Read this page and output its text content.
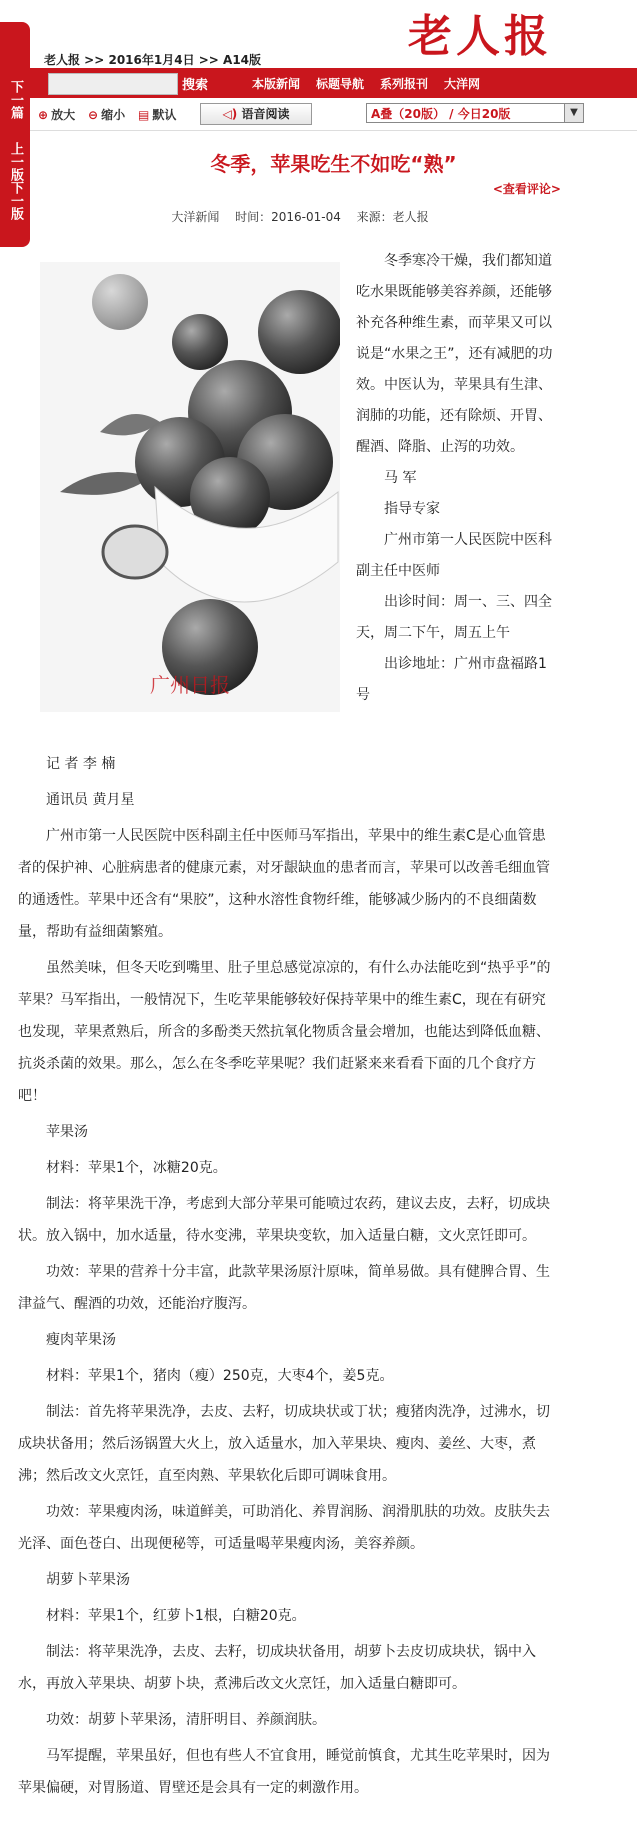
下一篇
上一版下一版
老人报
老人报 >> 2016年1月4日 >> A14版
搜索	本版新闻 标题导航 系列报刊 大洋网
⊕ 放大 ⊖ 缩小 ▤ 默认	◁) 语音阅读	A叠（20版） / 今日20版	▼
冬季，苹果吃生不如吃“熟”
<查看评论>
大洋新闻　 时间：2016-01-04 　来源：老人报
广州日报

冬季寒冷干燥，我们都知道吃水果既能够美容养颜，还能够补充各种维生素，而苹果又可以说是“水果之王”，还有减肥的功效。中医认为，苹果具有生津、润肺的功能，还有除烦、开胃、醒酒、降脂、止泻的功效。

马 军

指导专家

广州市第一人民医院中医科副主任中医师

出诊时间：周一、三、四全天，周二下午，周五上午

出诊地址：广州市盘福路1号

记 者 李 楠

通讯员 黄月星

广州市第一人民医院中医科副主任中医师马军指出，苹果中的维生素C是心血管患者的保护神、心脏病患者的健康元素，对牙龈缺血的患者而言，苹果可以改善毛细血管的通透性。苹果中还含有“果胶”，这种水溶性食物纤维，能够减少肠内的不良细菌数量，帮助有益细菌繁殖。

虽然美味，但冬天吃到嘴里、肚子里总感觉凉凉的，有什么办法能吃到“热乎乎”的苹果？马军指出，一般情况下，生吃苹果能够较好保持苹果中的维生素C，现在有研究也发现，苹果煮熟后，所含的多酚类天然抗氧化物质含量会增加，也能达到降低血糖、抗炎杀菌的效果。那么，怎么在冬季吃苹果呢？我们赶紧来来看看下面的几个食疗方吧！

苹果汤

材料：苹果1个，冰糖20克。

制法：将苹果洗干净，考虑到大部分苹果可能喷过农药，建议去皮，去籽，切成块状。放入锅中，加水适量，待水变沸，苹果块变软，加入适量白糖，文火烹饪即可。

功效：苹果的营养十分丰富，此款苹果汤原汁原味，简单易做。具有健脾合胃、生津益气、醒酒的功效，还能治疗腹泻。

瘦肉苹果汤

材料：苹果1个，猪肉（瘦）250克，大枣4个，姜5克。

制法：首先将苹果洗净，去皮、去籽，切成块状或丁状；瘦猪肉洗净，过沸水，切成块状备用；然后汤锅置大火上，放入适量水，加入苹果块、瘦肉、姜丝、大枣，煮沸；然后改文火烹饪，直至肉熟、苹果软化后即可调味食用。

功效：苹果瘦肉汤，味道鲜美，可助消化、养胃润肠、润滑肌肤的功效。皮肤失去光泽、面色苍白、出现便秘等，可适量喝苹果瘦肉汤，美容养颜。

胡萝卜苹果汤

材料：苹果1个，红萝卜1根，白糖20克。

制法：将苹果洗净，去皮、去籽，切成块状备用，胡萝卜去皮切成块状，锅中入水，再放入苹果块、胡萝卜块，煮沸后改文火烹饪，加入适量白糖即可。

功效：胡萝卜苹果汤，清肝明目、养颜润肤。

马军提醒，苹果虽好，但也有些人不宜食用，睡觉前慎食，尤其生吃苹果时，因为苹果偏硬，对胃肠道、胃壁还是会具有一定的刺激作用。
